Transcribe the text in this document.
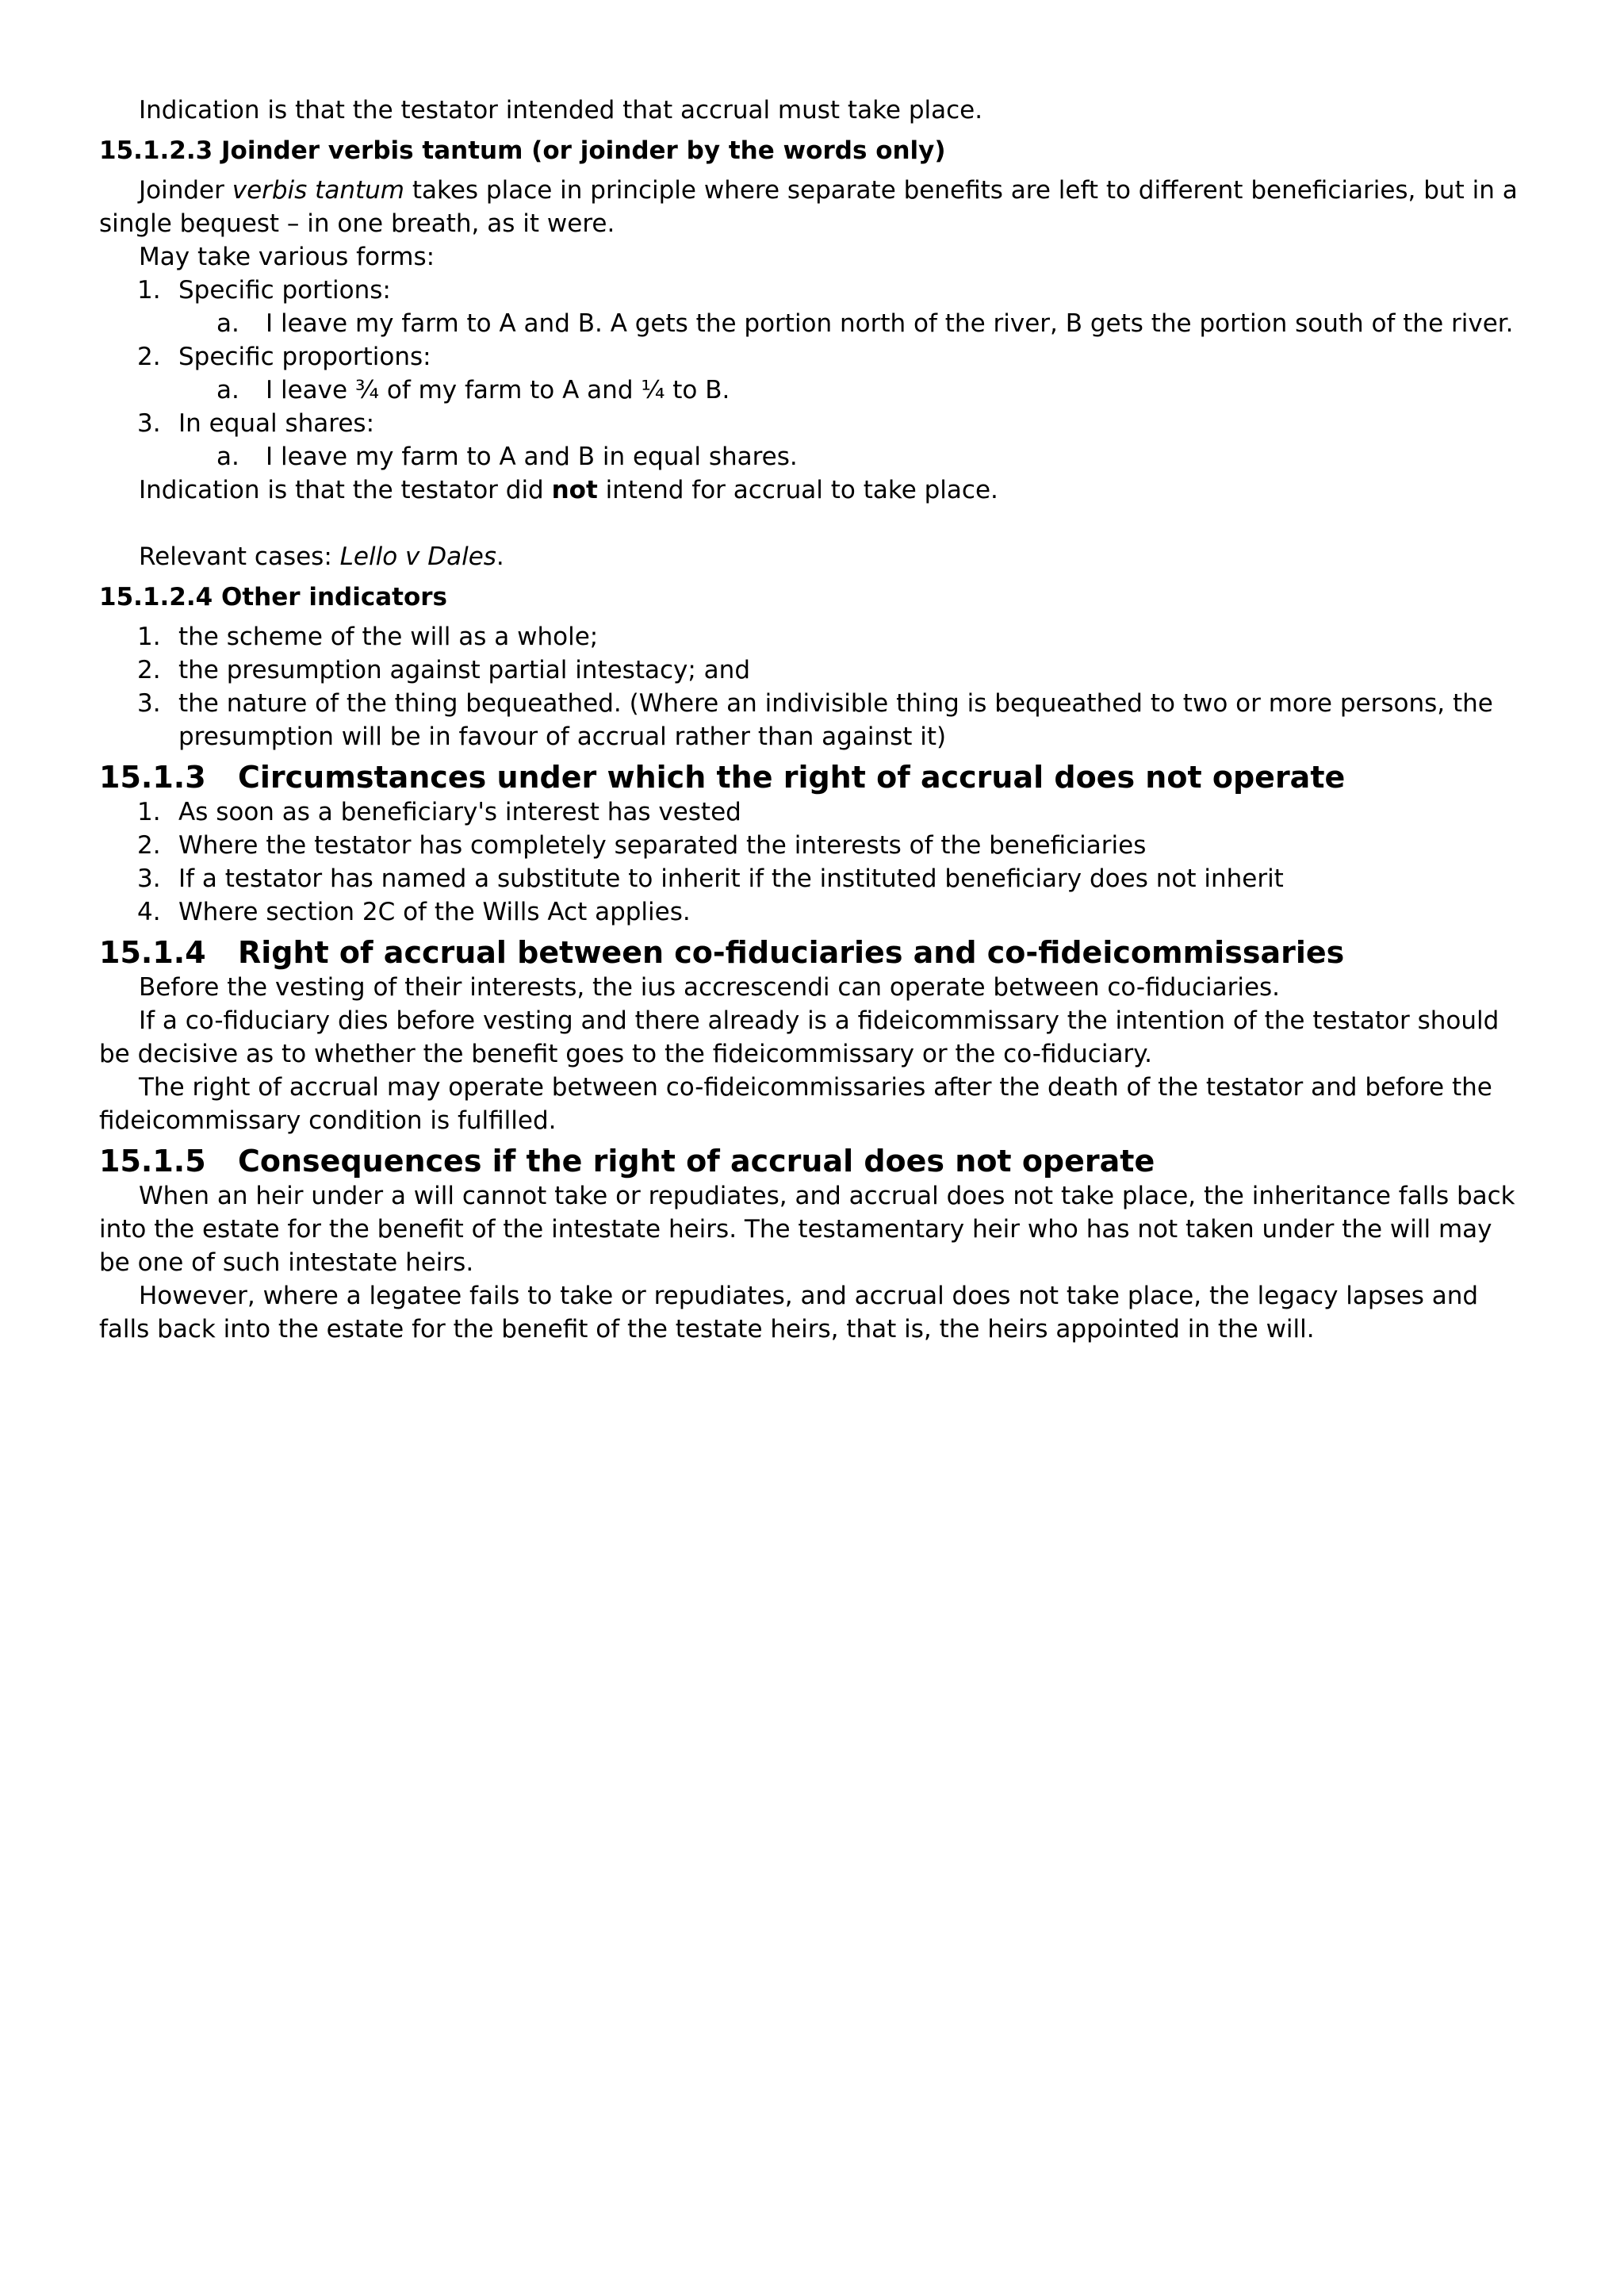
Indication is that the testator intended that accrual must take place.

15.1.2.3 Joinder verbis tantum (or joinder by the words only)

Joinder verbis tantum takes place in principle where separate benefits are left to different beneficiaries, but in a single bequest – in one breath, as it were.

May take various forms:

1. Specific portions:
a. I leave my farm to A and B. A gets the portion north of the river, B gets the portion south of the river.
2. Specific proportions:
a. I leave ¾ of my farm to A and ¼ to B.
3. In equal shares:
a. I leave my farm to A and B in equal shares.

Indication is that the testator did not intend for accrual to take place.

Relevant cases: Lello v Dales.

15.1.2.4 Other indicators
1. the scheme of the will as a whole;
2. the presumption against partial intestacy; and
3. the nature of the thing bequeathed. (Where an indivisible thing is bequeathed to two or more persons, the presumption will be in favour of accrual rather than against it)
15.1.3 Circumstances under which the right of accrual does not operate
1. As soon as a beneficiary's interest has vested
2. Where the testator has completely separated the interests of the beneficiaries
3. If a testator has named a substitute to inherit if the instituted beneficiary does not inherit
4. Where section 2C of the Wills Act applies.
15.1.4 Right of accrual between co-fiduciaries and co-fideicommissaries

Before the vesting of their interests, the ius accrescendi can operate between co-fiduciaries.

If a co-fiduciary dies before vesting and there already is a fideicommissary the intention of the testator should be decisive as to whether the benefit goes to the fideicommissary or the co-fiduciary.

The right of accrual may operate between co-fideicommissaries after the death of the testator and before the fideicommissary condition is fulfilled.

15.1.5 Consequences if the right of accrual does not operate

When an heir under a will cannot take or repudiates, and accrual does not take place, the inheritance falls back into the estate for the benefit of the intestate heirs. The testamentary heir who has not taken under the will may be one of such intestate heirs.

However, where a legatee fails to take or repudiates, and accrual does not take place, the legacy lapses and falls back into the estate for the benefit of the testate heirs, that is, the heirs appointed in the will.
